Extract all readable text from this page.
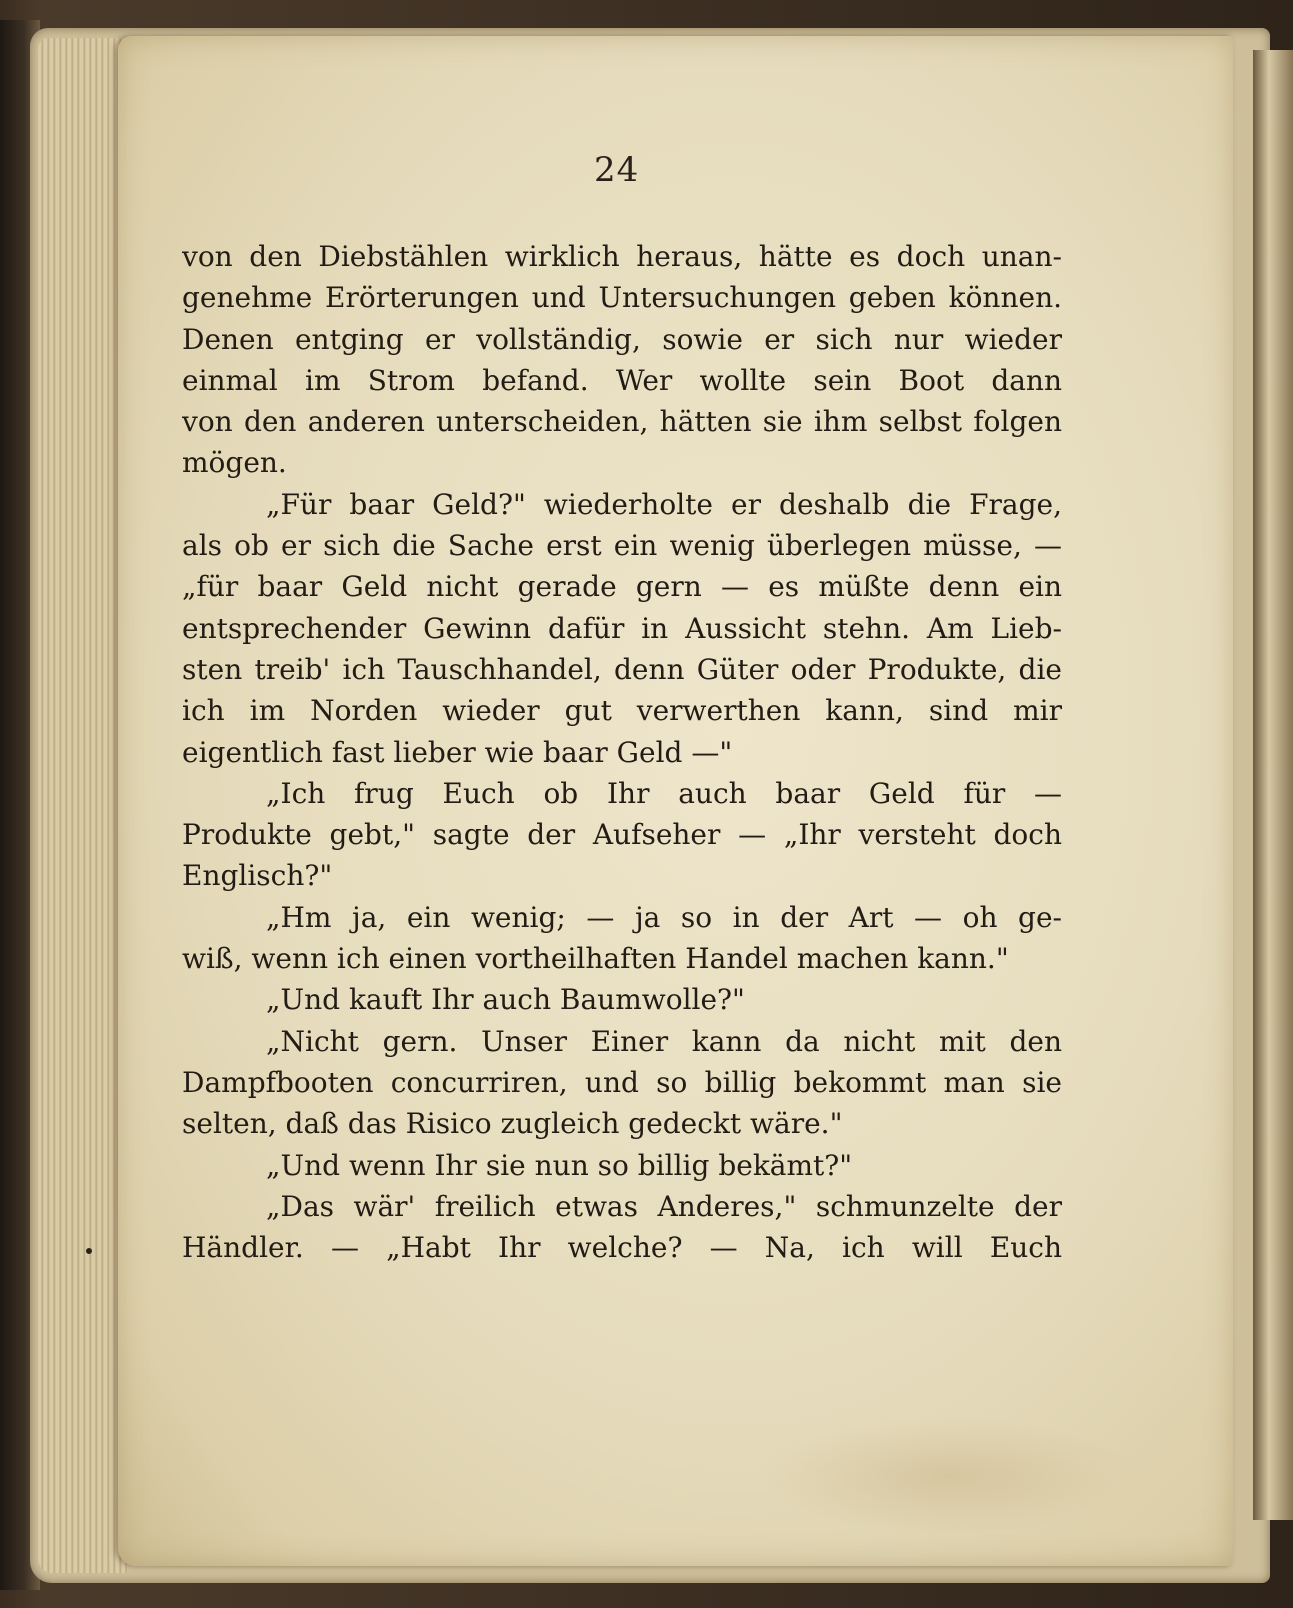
24
von den Diebstählen wirklich heraus, hätte es doch unan-
genehme Erörterungen und Untersuchungen geben können.
Denen entging er vollständig, sowie er sich nur wieder
einmal im Strom befand. Wer wollte sein Boot dann
von den anderen unterscheiden, hätten sie ihm selbst folgen
mögen.
„Für baar Geld?" wiederholte er deshalb die Frage,
als ob er sich die Sache erst ein wenig überlegen müsse, —
„für baar Geld nicht gerade gern — es müßte denn ein
entsprechender Gewinn dafür in Aussicht stehn. Am Lieb-
sten treib' ich Tauschhandel, denn Güter oder Produkte, die
ich im Norden wieder gut verwerthen kann, sind mir
eigentlich fast lieber wie baar Geld —"
„Ich frug Euch ob Ihr auch baar Geld für —
Produkte gebt," sagte der Aufseher — „Ihr versteht doch
Englisch?"
„Hm ja, ein wenig; — ja so in der Art — oh ge-
wiß, wenn ich einen vortheilhaften Handel machen kann."
„Und kauft Ihr auch Baumwolle?"
„Nicht gern. Unser Einer kann da nicht mit den
Dampfbooten concurriren, und so billig bekommt man sie
selten, daß das Risico zugleich gedeckt wäre."
„Und wenn Ihr sie nun so billig bekämt?"
„Das wär' freilich etwas Anderes," schmunzelte der
Händler. — „Habt Ihr welche? — Na, ich will Euch
